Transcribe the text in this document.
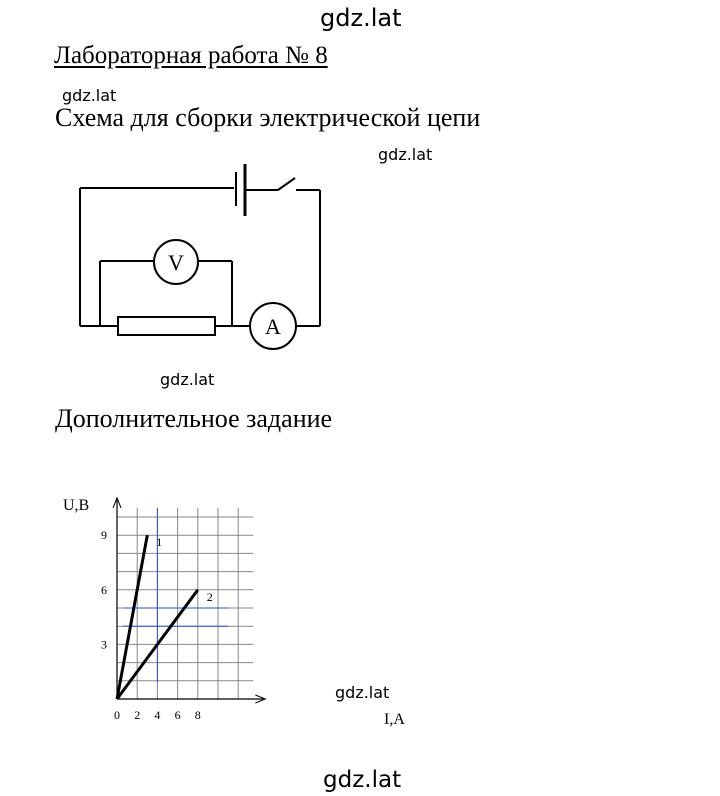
gdz.lat
gdz.lat
gdz.lat
gdz.lat
gdz.lat
Лабораторная работа № 8
Схема для сборки электрической цепи
Дополнительное задание
V
A
1
2
0 2 4 6 8
3
6
9
U,В
I,А
gdz.lat
